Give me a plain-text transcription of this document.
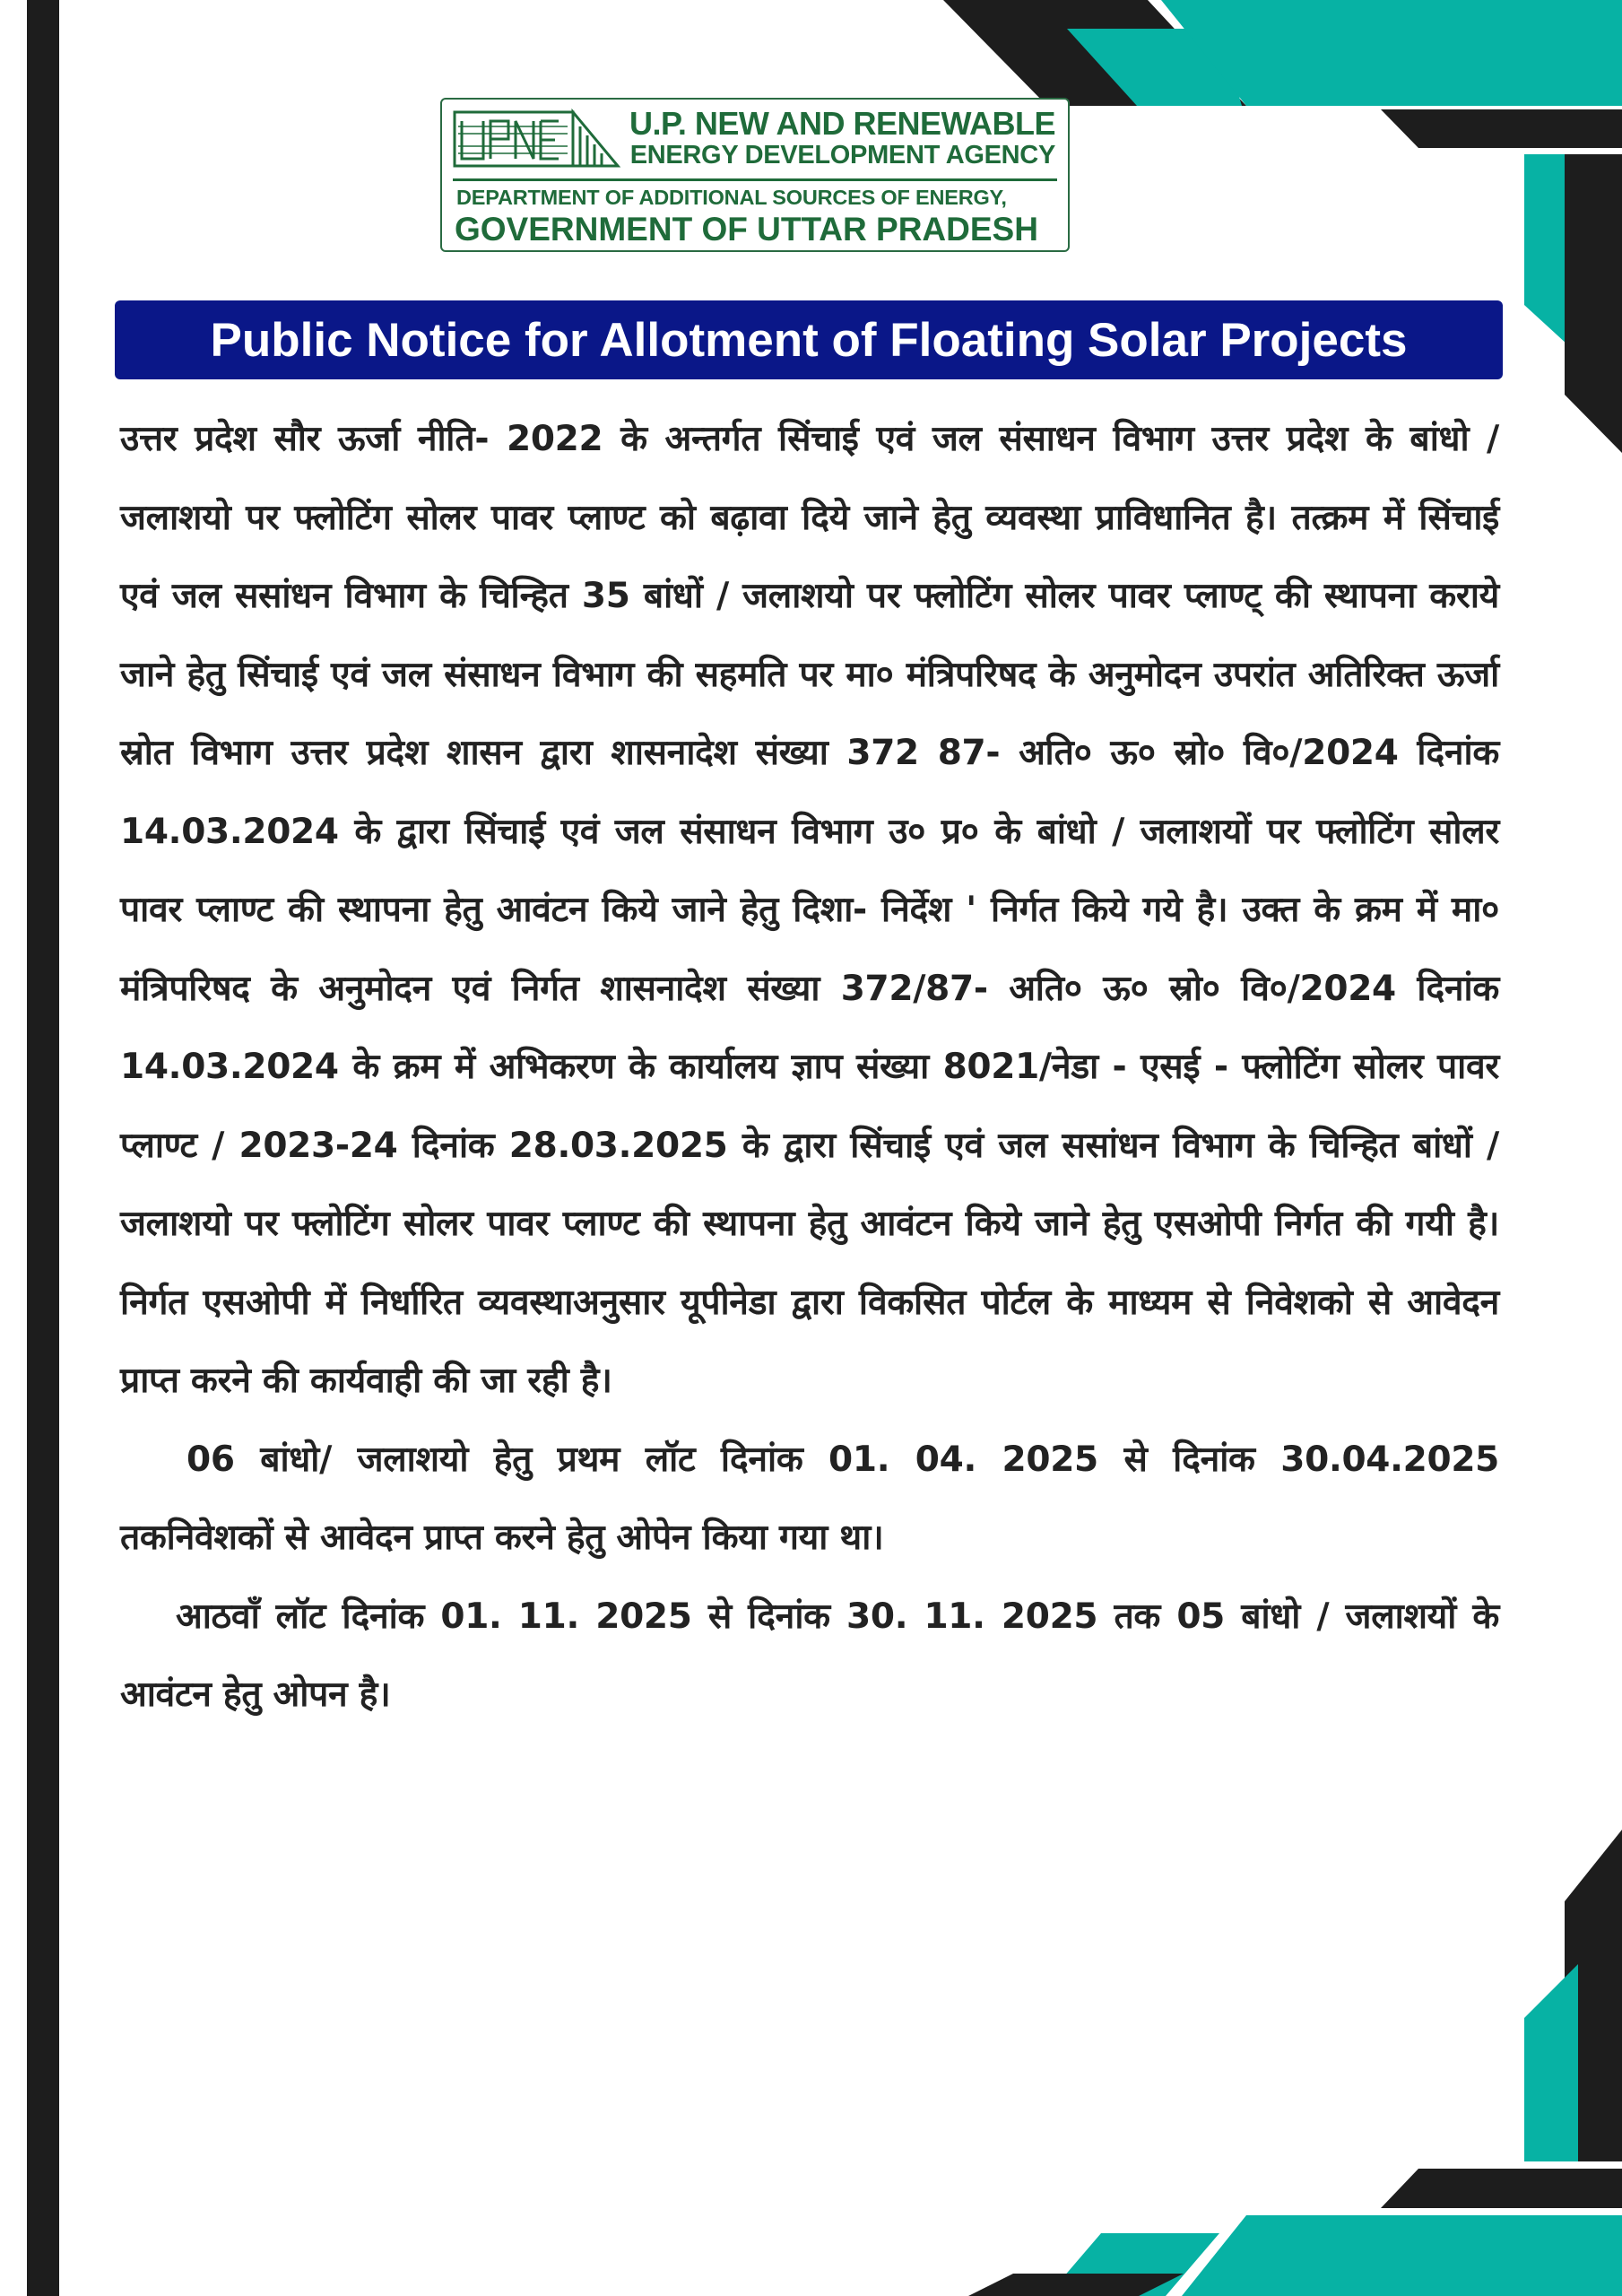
U.P. NEW AND RENEWABLE
ENERGY DEVELOPMENT AGENCY
DEPARTMENT OF ADDITIONAL SOURCES OF ENERGY,
GOVERNMENT OF UTTAR PRADESH
Public Notice for Allotment of Floating Solar Projects

उत्तर प्रदेश सौर ऊर्जा नीति- 2022 के अन्तर्गत सिंचाई एवं जल संसाधन विभाग उत्तर प्रदेश के बांधो / जलाशयो पर फ्लोटिंग सोलर पावर प्लाण्ट को बढ़ावा दिये जाने हेतु व्यवस्था प्राविधानित है। तत्क्रम में सिंचाई एवं जल ससांधन विभाग के चिन्हित 35 बांधों / जलाशयो पर फ्लोटिंग सोलर पावर प्लाण्ट् की स्थापना कराये जाने हेतु सिंचाई एवं जल संसाधन विभाग की सहमति पर मा० मंत्रिपरिषद के अनुमोदन उपरांत अतिरिक्त ऊर्जा स्रोत विभाग उत्तर प्रदेश शासन द्वारा शासनादेश संख्या 372 87- अति० ऊ० स्रो० वि०/2024 दिनांक 14.03.2024 के द्वारा सिंचाई एवं जल संसाधन विभाग उ० प्र० के बांधो / जलाशयों पर फ्लोटिंग सोलर पावर प्लाण्ट की स्थापना हेतु आवंटन किये जाने हेतु दिशा- निर्देश ' निर्गत किये गये है। उक्त के क्रम में मा० मंत्रिपरिषद के अनुमोदन एवं निर्गत शासनादेश संख्या 372/87- अति० ऊ० स्रो० वि०/2024 दिनांक 14.03.2024 के क्रम में अभिकरण के कार्यालय ज्ञाप संख्या 8021/नेडा - एसई - फ्लोटिंग सोलर पावर प्लाण्ट / 2023-24 दिनांक 28.03.2025 के द्वारा सिंचाई एवं जल ससांधन विभाग के चिन्हित बांधों / जलाशयो पर फ्लोटिंग सोलर पावर प्लाण्ट की स्थापना हेतु आवंटन किये जाने हेतु एसओपी निर्गत की गयी है। निर्गत एसओपी में निर्धारित व्यवस्थाअनुसार यूपीनेडा द्वारा विकसित पोर्टल के माध्यम से निवेशको से आवेदन प्राप्त करने की कार्यवाही की जा रही है।

06 बांधो/ जलाशयो हेतु प्रथम लॉट दिनांक 01. 04. 2025 से दिनांक 30.04.2025 तकनिवेशकों से आवेदन प्राप्त करने हेतु ओपेन किया गया था।

आठवाँ लॉट दिनांक 01. 11. 2025 से दिनांक 30. 11. 2025 तक 05 बांधो / जलाशयों के आवंटन हेतु ओपन है।
